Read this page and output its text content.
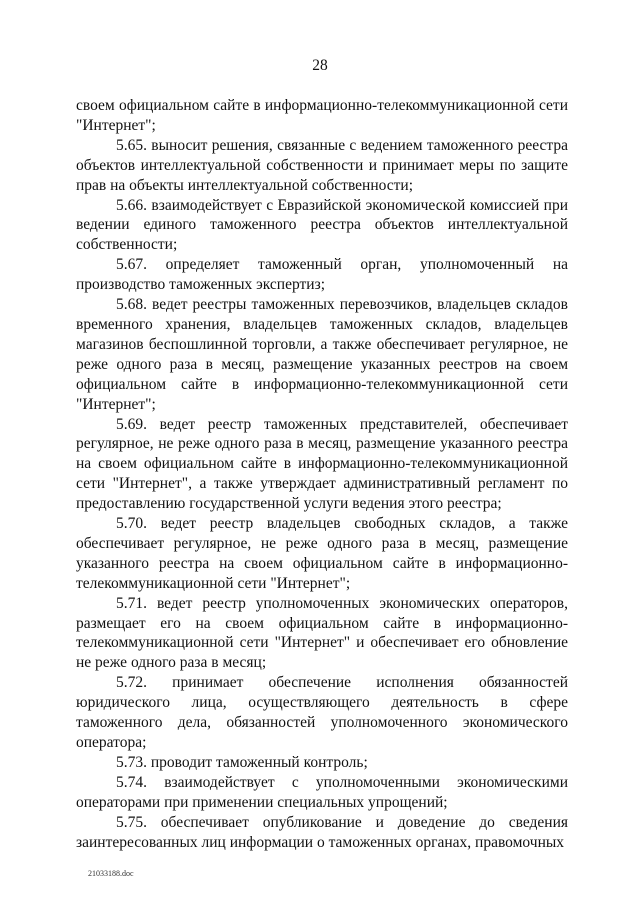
28

своем официальном сайте в информационно-телекоммуникационной сети "Интернет";

5.65. выносит решения, связанные с ведением таможенного реестра объектов интеллектуальной собственности и принимает меры по защите прав на объекты интеллектуальной собственности;

5.66. взаимодействует с Евразийской экономической комиссией при ведении единого таможенного реестра объектов интеллектуальной собственности;

5.67. определяет таможенный орган, уполномоченный на производство таможенных экспертиз;

5.68. ведет реестры таможенных перевозчиков, владельцев складов временного хранения, владельцев таможенных складов, владельцев магазинов беспошлинной торговли, а также обеспечивает регулярное, не реже одного раза в месяц, размещение указанных реестров на своем официальном сайте в информационно-телекоммуникационной сети "Интернет";

5.69. ведет реестр таможенных представителей, обеспечивает регулярное, не реже одного раза в месяц, размещение указанного реестра на своем официальном сайте в информационно-телекоммуникационной сети "Интернет", а также утверждает административный регламент по предоставлению государственной услуги ведения этого реестра;

5.70. ведет реестр владельцев свободных складов, а также обеспечивает регулярное, не реже одного раза в месяц, размещение указанного реестра на своем официальном сайте в информационно-телекоммуникационной сети "Интернет";

5.71. ведет реестр уполномоченных экономических операторов, размещает его на своем официальном сайте в информационно-телекоммуникационной сети "Интернет" и обеспечивает его обновление не реже одного раза в месяц;

5.72. принимает обеспечение исполнения обязанностей юридического лица, осуществляющего деятельность в сфере таможенного дела, обязанностей уполномоченного экономического оператора;

5.73. проводит таможенный контроль;

5.74. взаимодействует с уполномоченными экономическими операторами при применении специальных упрощений;

5.75. обеспечивает опубликование и доведение до сведения заинтересованных лиц информации о таможенных органах, правомочных

21033188.doc
